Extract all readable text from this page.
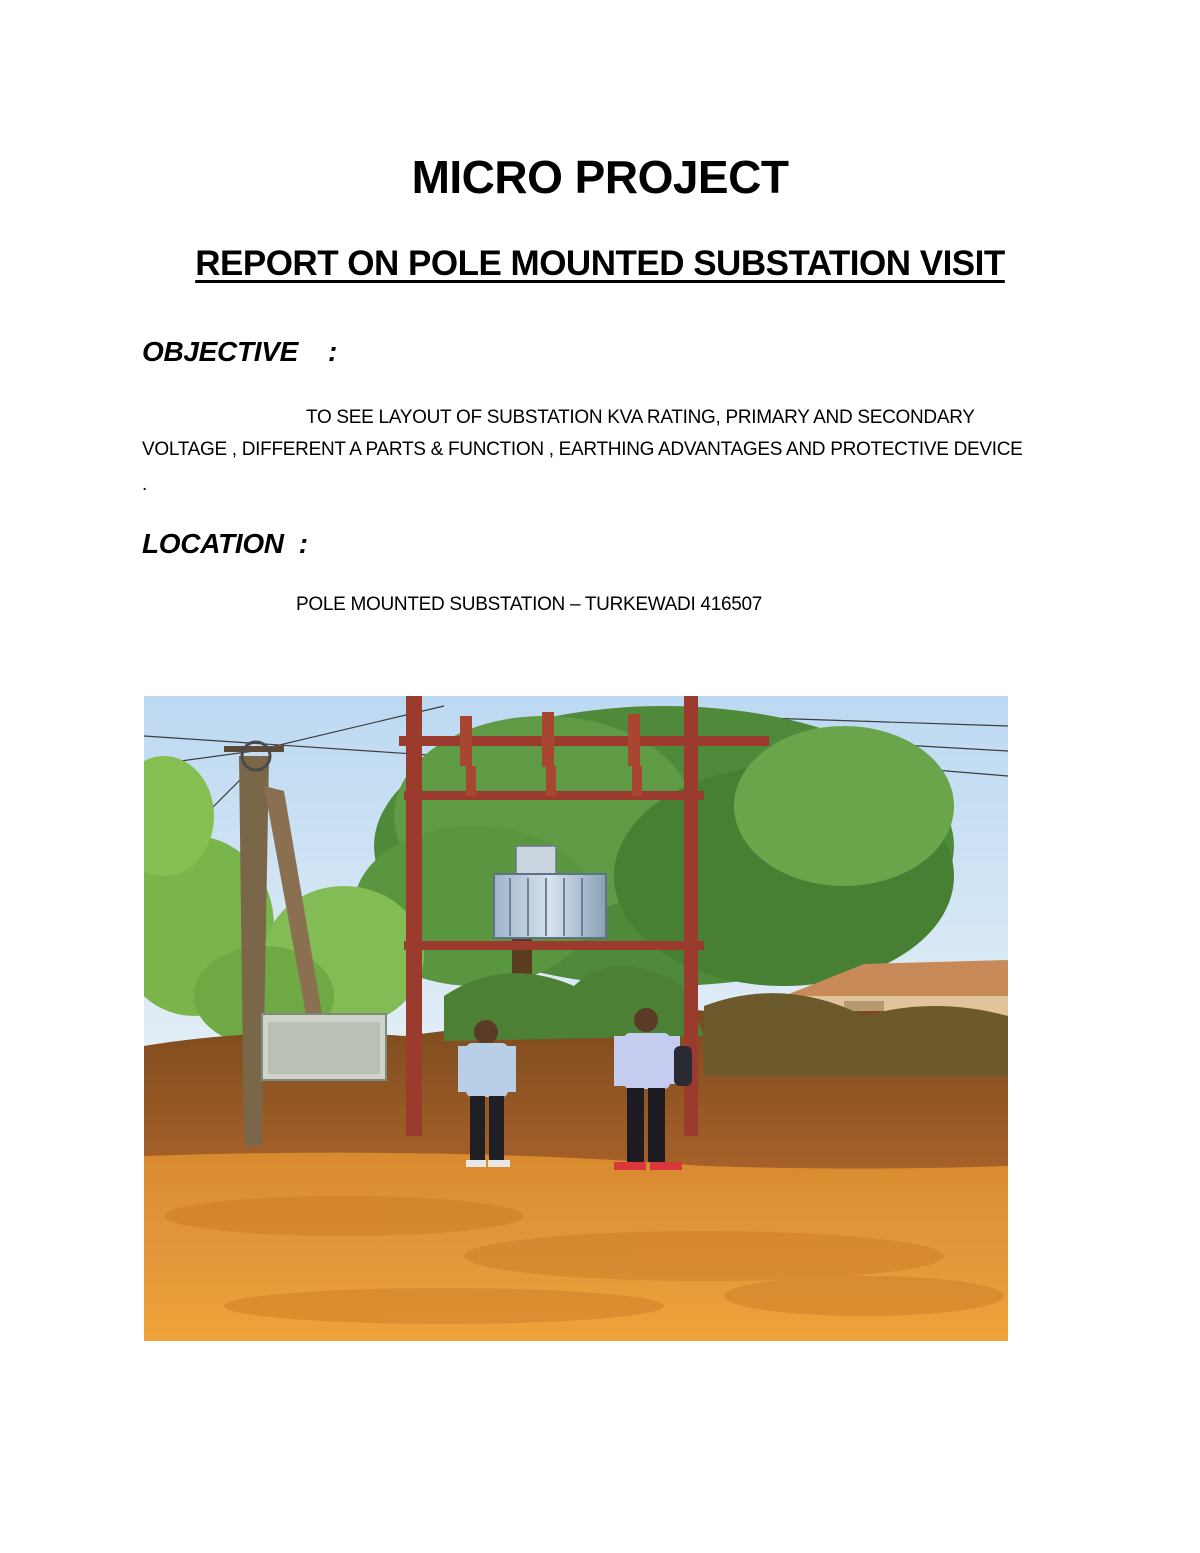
MICRO PROJECT
REPORT ON POLE MOUNTED SUBSTATION VISIT
OBJECTIVE :
TO SEE LAYOUT OF SUBSTATION KVA RATING, PRIMARY AND SECONDARY
VOLTAGE , DIFFERENT A PARTS & FUNCTION , EARTHING ADVANTAGES AND PROTECTIVE DEVICE
.
LOCATION :
POLE MOUNTED SUBSTATION – TURKEWADI 416507
